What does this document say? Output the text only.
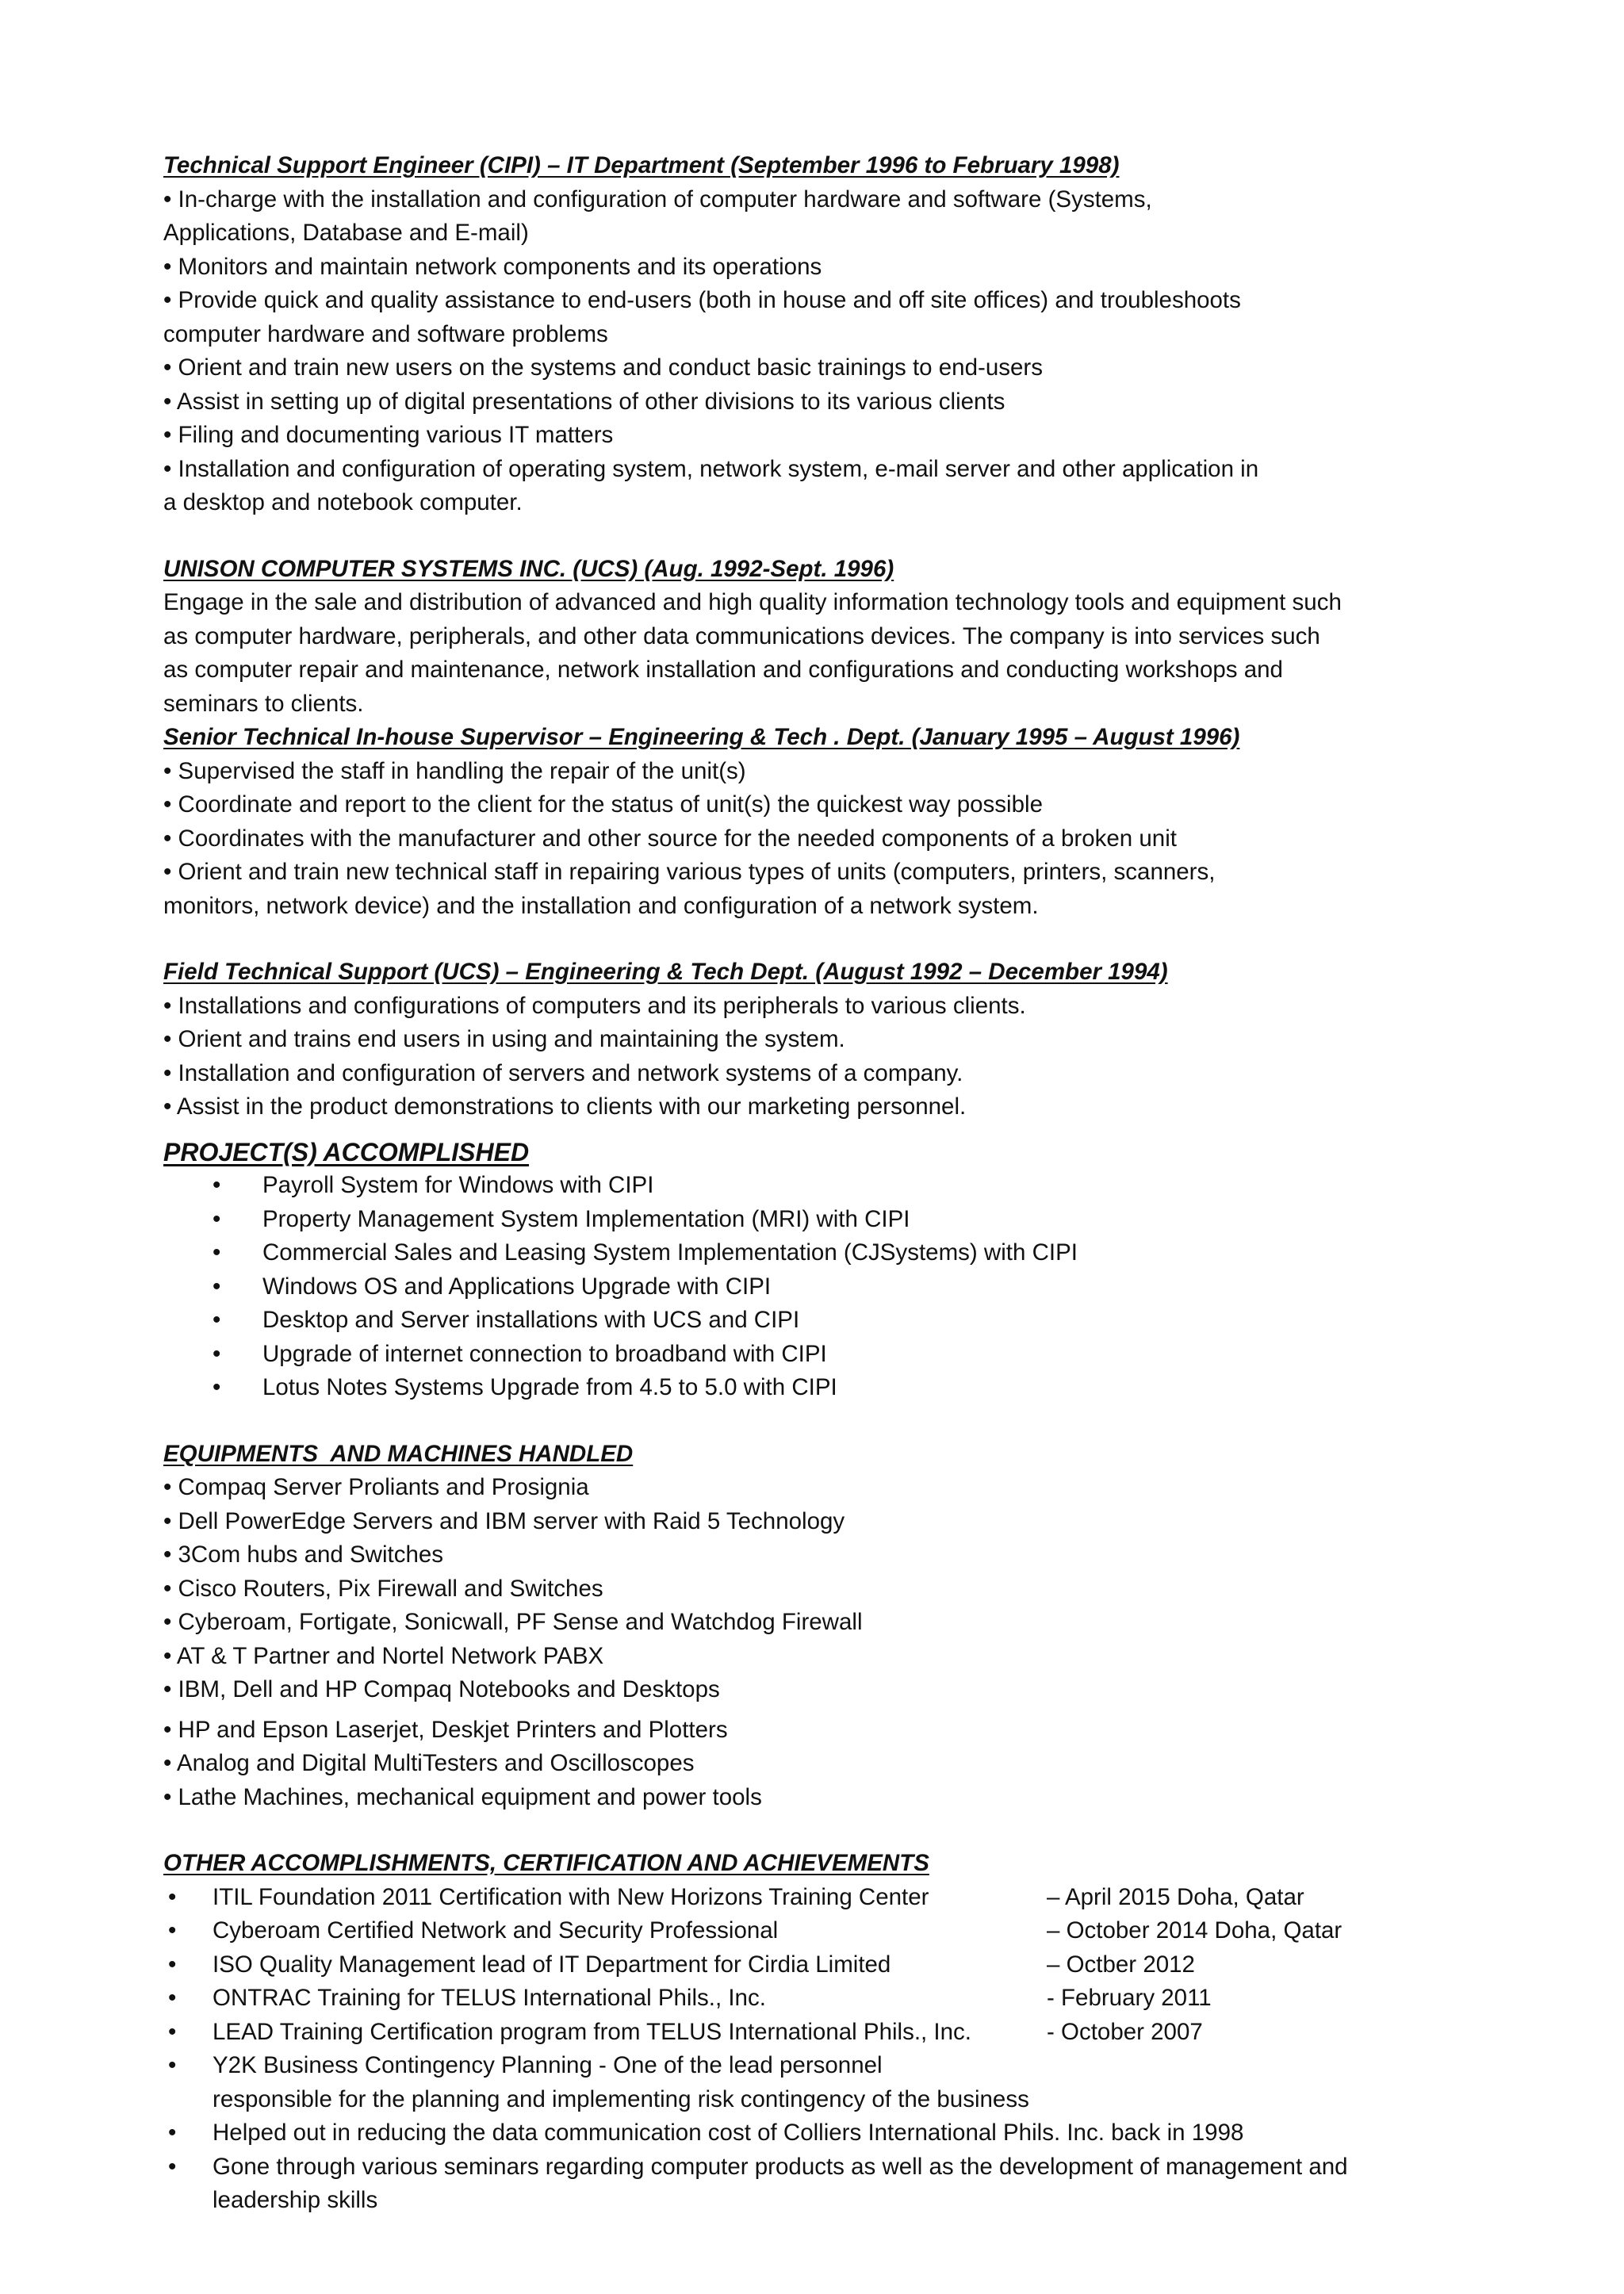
Technical Support Engineer (CIPI) – IT Department (September 1996 to February 1998)

• In-charge with the installation and configuration of computer hardware and software (Systems,

Applications, Database and E-mail)

• Monitors and maintain network components and its operations

• Provide quick and quality assistance to end-users (both in house and off site offices) and troubleshoots

computer hardware and software problems

• Orient and train new users on the systems and conduct basic trainings to end-users

• Assist in setting up of digital presentations of other divisions to its various clients

• Filing and documenting various IT matters

• Installation and configuration of operating system, network system, e-mail server and other application in

a desktop and notebook computer.

UNISON COMPUTER SYSTEMS INC. (UCS) (Aug. 1992-Sept. 1996)

Engage in the sale and distribution of advanced and high quality information technology tools and equipment such

as computer hardware, peripherals, and other data communications devices. The company is into services such

as computer repair and maintenance, network installation and configurations and conducting workshops and

seminars to clients.

Senior Technical In-house Supervisor – Engineering & Tech . Dept. (January 1995 – August 1996)

• Supervised the staff in handling the repair of the unit(s)

• Coordinate and report to the client for the status of unit(s) the quickest way possible

• Coordinates with the manufacturer and other source for the needed components of a broken unit

• Orient and train new technical staff in repairing various types of units (computers, printers, scanners,

monitors, network device) and the installation and configuration of a network system.

Field Technical Support (UCS) – Engineering & Tech Dept. (August 1992 – December 1994)

• Installations and configurations of computers and its peripherals to various clients.

• Orient and trains end users in using and maintaining the system.

• Installation and configuration of servers and network systems of a company.

• Assist in the product demonstrations to clients with our marketing personnel.

PROJECT(S) ACCOMPLISHED
• Payroll System for Windows with CIPI
• Property Management System Implementation (MRI) with CIPI
• Commercial Sales and Leasing System Implementation (CJSystems) with CIPI
• Windows OS and Applications Upgrade with CIPI
• Desktop and Server installations with UCS and CIPI
• Upgrade of internet connection to broadband with CIPI
• Lotus Notes Systems Upgrade from 4.5 to 5.0 with CIPI
EQUIPMENTS  AND MACHINES HANDLED

• Compaq Server Proliants and Prosignia

• Dell PowerEdge Servers and IBM server with Raid 5 Technology

• 3Com hubs and Switches

• Cisco Routers, Pix Firewall and Switches

• Cyberoam, Fortigate, Sonicwall, PF Sense and Watchdog Firewall

• AT & T Partner and Nortel Network PABX

• IBM, Dell and HP Compaq Notebooks and Desktops

• HP and Epson Laserjet, Deskjet Printers and Plotters

• Analog and Digital MultiTesters and Oscilloscopes

• Lathe Machines, mechanical equipment and power tools

OTHER ACCOMPLISHMENTS, CERTIFICATION AND ACHIEVEMENTS
• ITIL Foundation 2011 Certification with New Horizons Training Center	– April 2015 Doha, Qatar
• Cyberoam Certified Network and Security Professional	– October 2014 Doha, Qatar
• ISO Quality Management lead of IT Department for Cirdia Limited	– Octber 2012
• ONTRAC Training for TELUS International Phils., Inc.	- February 2011
• LEAD Training Certification program from TELUS International Phils., Inc.	- October 2007
• Y2K Business Contingency Planning - One of the lead personnel
responsible for the planning and implementing risk contingency of the business
• Helped out in reducing the data communication cost of Colliers International Phils. Inc. back in 1998
• Gone through various seminars regarding computer products as well as the development of management and leadership skills
